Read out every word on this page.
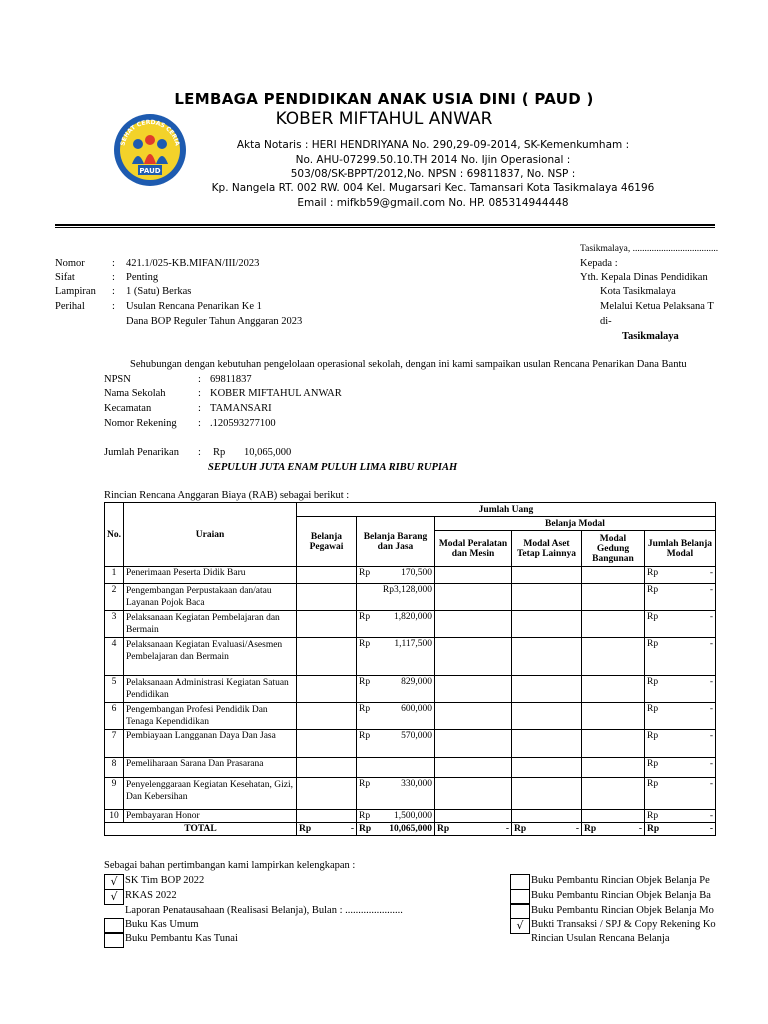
SEHAT CERDAS CERIA
PAUD
LEMBAGA PENDIDIKAN ANAK USIA DINI ( PAUD )
KOBER MIFTAHUL ANWAR
Akta Notaris : HERI HENDRIYANA No. 290,29-09-2014, SK-Kemenkumham :
No. AHU-07299.50.10.TH 2014 No. Ijin Operasional :
503/08/SK-BPPT/2012,No. NPSN : 69811837, No. NSP :
Kp. Nangela RT. 002 RW. 004 Kel. Mugarsari Kec. Tamansari Kota Tasikmalaya 46196
Email : mifkb59@gmail.com No. HP. 085314944448
Tasikmalaya, ....................................
Nomor	: 421.1/025-KB.MIFAN/III/2023
Sifat	: Penting
Lampiran : 1 (Satu) Berkas
Perihal	: Usulan Rencana Penarikan Ke 1
Dana BOP Reguler Tahun Anggaran 2023
Kepada :
Yth. Kepala Dinas Pendidikan
Kota Tasikmalaya
Melalui Ketua Pelaksana T
di-
Tasikmalaya
Sehubungan dengan kebutuhan pengelolaan operasional sekolah, dengan ini kami sampaikan usulan Rencana Penarikan Dana Bantu
NPSN	: 69811837
Nama Sekolah	: KOBER MIFTAHUL ANWAR
Kecamatan	: TAMANSARI
Nomor Rekening : .120593277100
Jumlah Penarikan : Rp 10,065,000
SEPULUH JUTA ENAM PULUH LIMA RIBU RUPIAH
Rincian Rencana Anggaran Biaya (RAB) sebagai berikut :
No.	Uraian	Jumlah Uang					
		Belanja Pegawai	Belanja Barang dan Jasa	Belanja Modal			
				Modal Peralatan dan Mesin	Modal Aset Tetap Lainnya	Modal Gedung Bangunan	Jumlah Belanja Modal
1	Penerimaan Peserta Didik Baru		Rp 170,500				Rp -

2	Pengembangan Perpustakaan dan/atau Layanan Pojok Baca		Rp3,128,000				Rp -

3	Pelaksanaan Kegiatan Pembelajaran dan Bermain		Rp 1,820,000				Rp -

4	Pelaksanaan Kegiatan Evaluasi/Asesmen Pembelajaran dan Bermain		Rp 1,117,500				Rp -

5	Pelaksanaan Administrasi Kegiatan Satuan Pendidikan		Rp 829,000				Rp -

6	Pengembangan Profesi Pendidik Dan Tenaga Kependidikan		Rp 600,000				Rp -

7	Pembiayaan Langganan Daya Dan Jasa		Rp 570,000				Rp -

8	Pemeliharaan Sarana Dan Prasarana						Rp -

9	Penyelenggaraan Kegiatan Kesehatan, Gizi, Dan Kebersihan		Rp 330,000				Rp -

10	Pembayaran Honor		Rp 1,500,000				Rp -

TOTAL		Rp -	Rp 10,065,000	Rp -	Rp -	Rp -	Rp -
Sebagai bahan pertimbangan kami lampirkan kelengkapan :
√ SK Tim BOP 2022
√ RKAS 2022
Laporan Penatausahaan (Realisasi Belanja), Bulan : ......................
Buku Kas Umum
Buku Pembantu Kas Tunai
Buku Pembantu Rincian Objek Belanja Pe
Buku Pembantu Rincian Objek Belanja Ba
Buku Pembantu Rincian Objek Belanja Mo
√ Bukti Transaksi / SPJ & Copy Rekening Ko
Rincian Usulan Rencana Belanja
